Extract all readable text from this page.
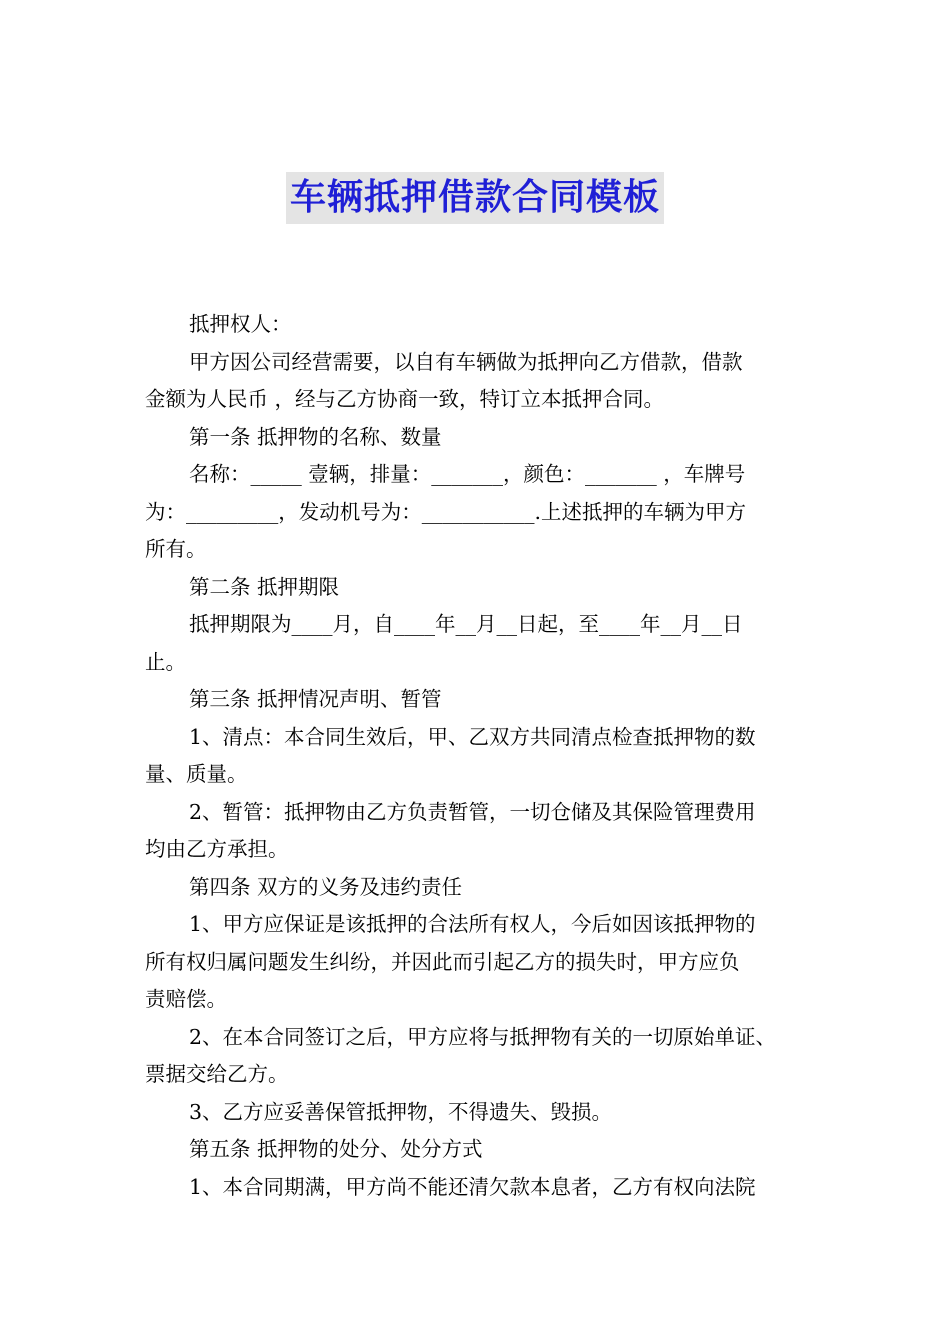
车辆抵押借款合同模板
抵押权人：
甲方因公司经营需要，以自有车辆做为抵押向乙方借款，借款
金额为人民币 ，经与乙方协商一致，特订立本抵押合同。
第一条 抵押物的名称、数量
名称：_____ 壹辆，排量：_______，颜色：_______ ，车牌号
为：_________，发动机号为：___________.上述抵押的车辆为甲方
所有。
第二条 抵押期限
抵押期限为____月，自____年__月__日起，至____年__月__日
止。
第三条 抵押情况声明、暂管
1、清点：本合同生效后，甲、乙双方共同清点检查抵押物的数
量、质量。
2、暂管：抵押物由乙方负责暂管，一切仓储及其保险管理费用
均由乙方承担。
第四条 双方的义务及违约责任
1、甲方应保证是该抵押的合法所有权人，今后如因该抵押物的
所有权归属问题发生纠纷，并因此而引起乙方的损失时，甲方应负
责赔偿。
2、在本合同签订之后，甲方应将与抵押物有关的一切原始单证、
票据交给乙方。
3、乙方应妥善保管抵押物，不得遗失、毁损。
第五条 抵押物的处分、处分方式
1、本合同期满，甲方尚不能还清欠款本息者，乙方有权向法院
